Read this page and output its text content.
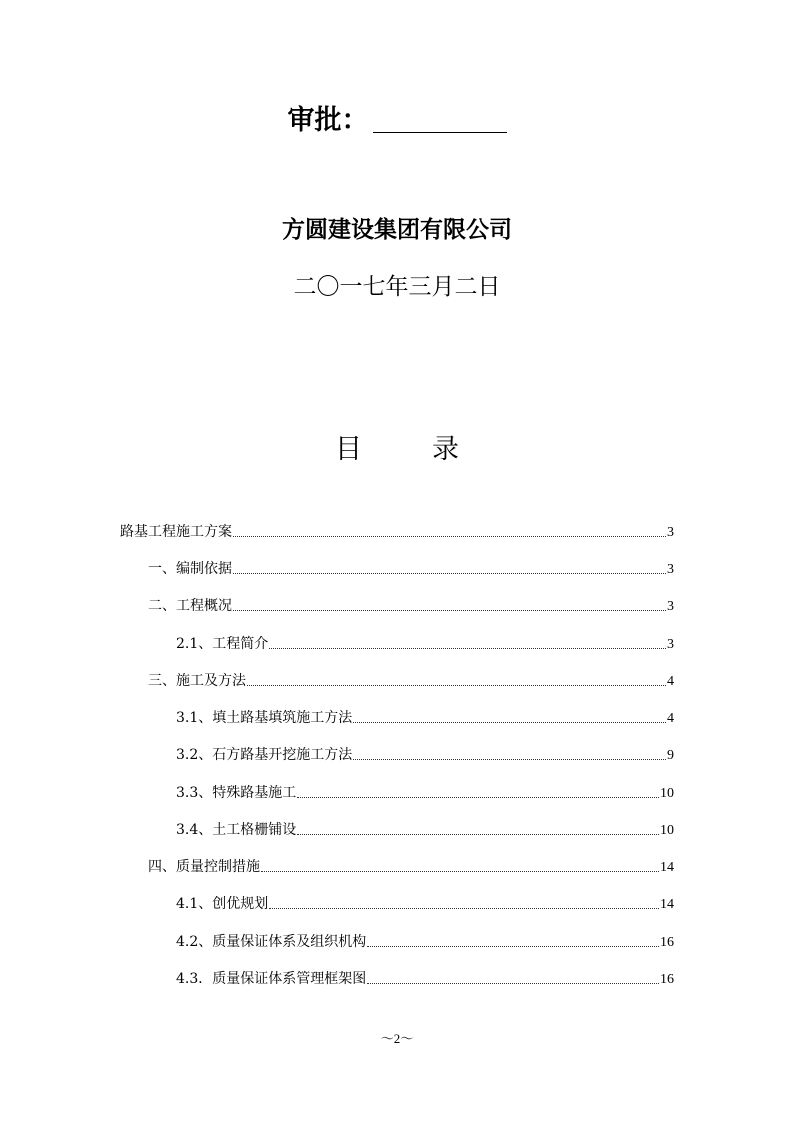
审批：
方圆建设集团有限公司
二〇一七年三月二日
目	录
路基工程施工方案	3
一、编制依据	3
二、工程概况	3
2.1、工程简介	3
三、施工及方法	4
3.1、填土路基填筑施工方法	4
3.2、石方路基开挖施工方法	9
3.3、特殊路基施工	10
3.4、土工格栅铺设	10
四、质量控制措施	14
4.1、创优规划	14
4.2、质量保证体系及组织机构	16
4.3．质量保证体系管理框架图	16
～2～
